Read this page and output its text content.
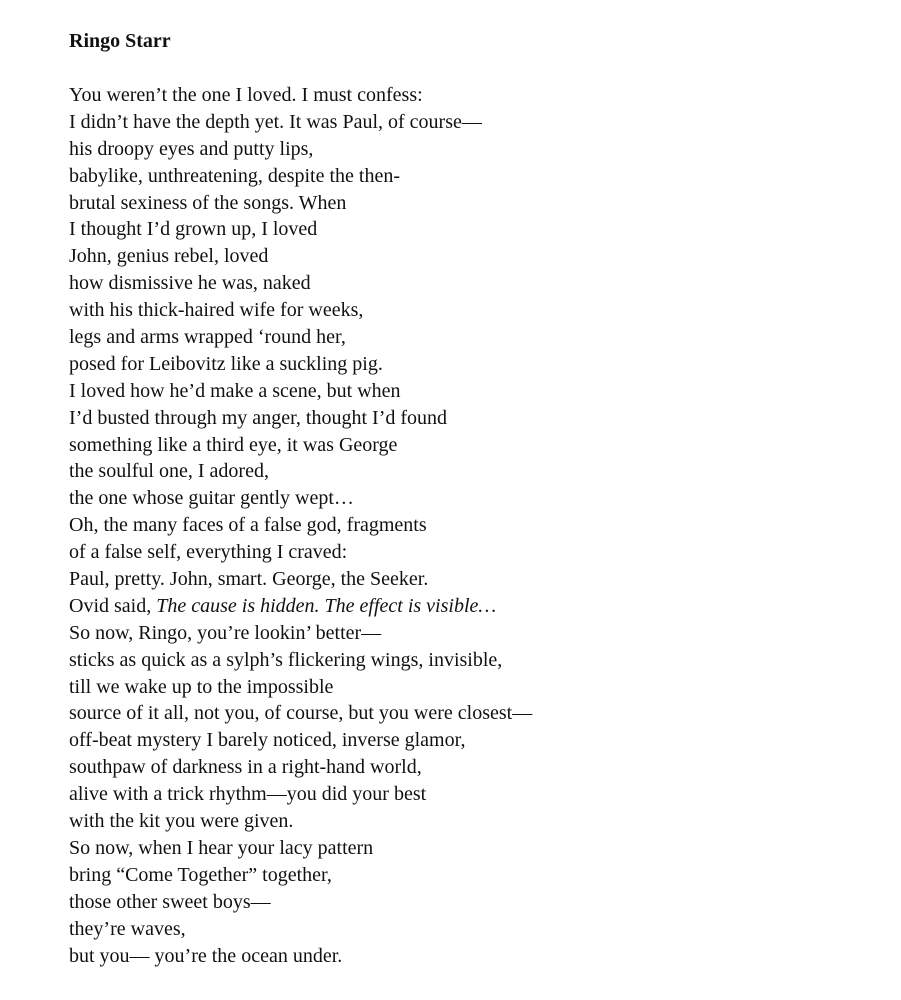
Ringo Starr
You weren’t the one I loved. I must confess:
I didn’t have the depth yet. It was Paul, of course—
his droopy eyes and putty lips,
babylike, unthreatening, despite the then-
brutal sexiness of the songs. When
I thought I’d grown up, I loved
John, genius rebel, loved
how dismissive he was, naked
with his thick-haired wife for weeks,
legs and arms wrapped ‘round her,
posed for Leibovitz like a suckling pig.
I loved how he’d make a scene, but when
I’d busted through my anger, thought I’d found
something like a third eye, it was George
the soulful one, I adored,
the one whose guitar gently wept…
Oh, the many faces of a false god, fragments
of a false self, everything I craved:
Paul, pretty. John, smart. George, the Seeker.
Ovid said, The cause is hidden. The effect is visible…
So now, Ringo, you’re lookin’ better—
sticks as quick as a sylph’s flickering wings, invisible,
till we wake up to the impossible
source of it all, not you, of course, but you were closest—
off-beat mystery I barely noticed, inverse glamor,
southpaw of darkness in a right-hand world,
alive with a trick rhythm—you did your best
with the kit you were given.
So now, when I hear your lacy pattern
bring “Come Together” together,
those other sweet boys—
they’re waves,
but you— you’re the ocean under.
